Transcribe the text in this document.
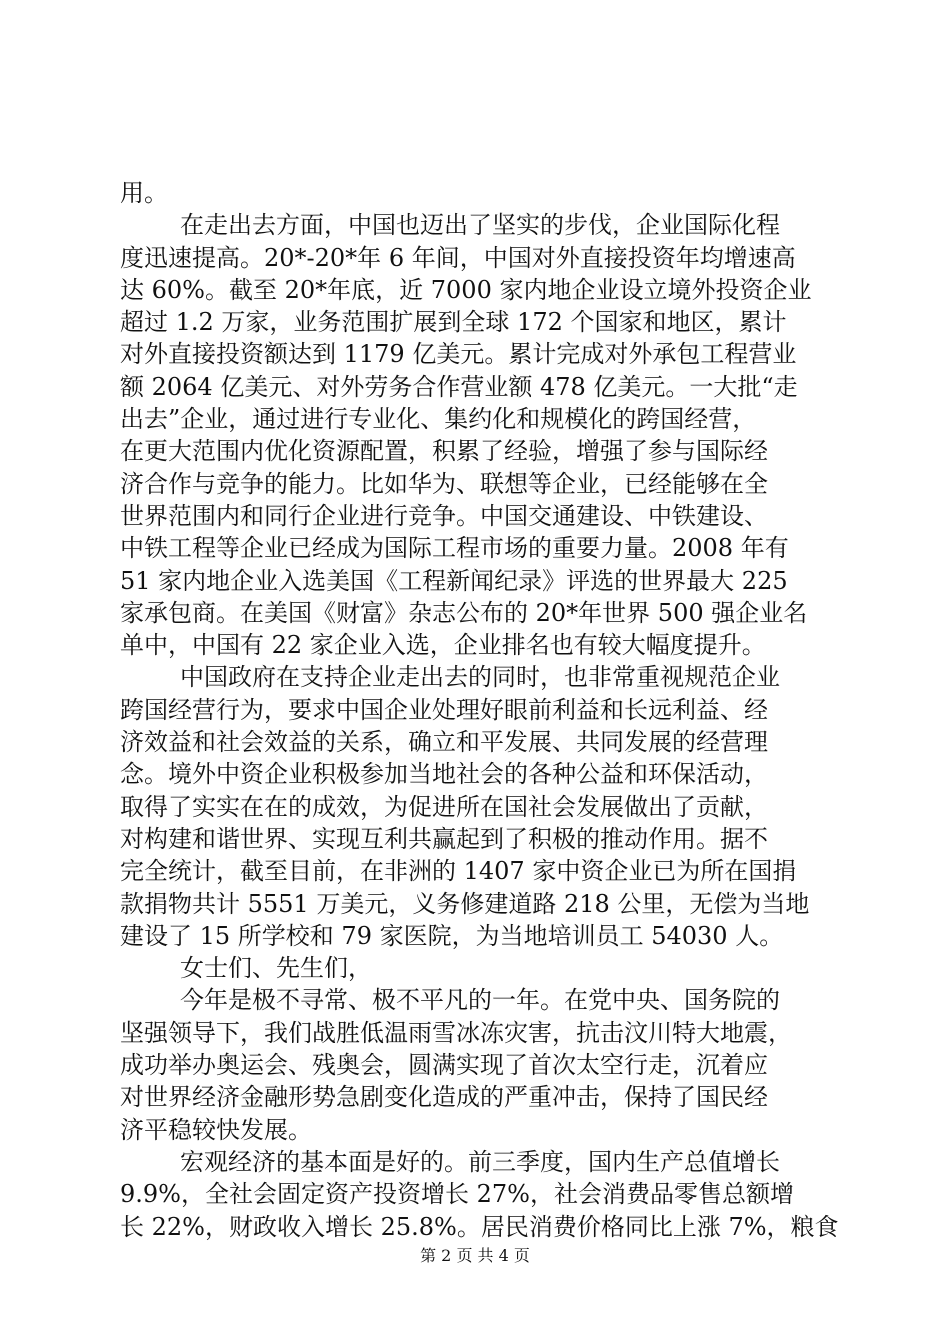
用。
在走出去方面，中国也迈出了坚实的步伐，企业国际化程
度迅速提高。20*-20*年 6 年间，中国对外直接投资年均增速高
达 60%。截至 20*年底，近 7000 家内地企业设立境外投资企业
超过 1.2 万家，业务范围扩展到全球 172 个国家和地区，累计
对外直接投资额达到 1179 亿美元。累计完成对外承包工程营业
额 2064 亿美元、对外劳务合作营业额 478 亿美元。一大批“走
出去”企业，通过进行专业化、集约化和规模化的跨国经营，
在更大范围内优化资源配置，积累了经验，增强了参与国际经
济合作与竞争的能力。比如华为、联想等企业，已经能够在全
世界范围内和同行企业进行竞争。中国交通建设、中铁建设、
中铁工程等企业已经成为国际工程市场的重要力量。2008 年有
51 家内地企业入选美国《工程新闻纪录》评选的世界最大 225
家承包商。在美国《财富》杂志公布的 20*年世界 500 强企业名
单中，中国有 22 家企业入选，企业排名也有较大幅度提升。
中国政府在支持企业走出去的同时，也非常重视规范企业
跨国经营行为，要求中国企业处理好眼前利益和长远利益、经
济效益和社会效益的关系，确立和平发展、共同发展的经营理
念。境外中资企业积极参加当地社会的各种公益和环保活动，
取得了实实在在的成效，为促进所在国社会发展做出了贡献，
对构建和谐世界、实现互利共赢起到了积极的推动作用。据不
完全统计，截至目前，在非洲的 1407 家中资企业已为所在国捐
款捐物共计 5551 万美元，义务修建道路 218 公里，无偿为当地
建设了 15 所学校和 79 家医院，为当地培训员工 54030 人。
女士们、先生们，
今年是极不寻常、极不平凡的一年。在党中央、国务院的
坚强领导下，我们战胜低温雨雪冰冻灾害，抗击汶川特大地震，
成功举办奥运会、残奥会，圆满实现了首次太空行走，沉着应
对世界经济金融形势急剧变化造成的严重冲击，保持了国民经
济平稳较快发展。
宏观经济的基本面是好的。前三季度，国内生产总值增长
9.9%，全社会固定资产投资增长 27%，社会消费品零售总额增
长 22%，财政收入增长 25.8%。居民消费价格同比上涨 7%，粮食
第 2 页 共 4 页
